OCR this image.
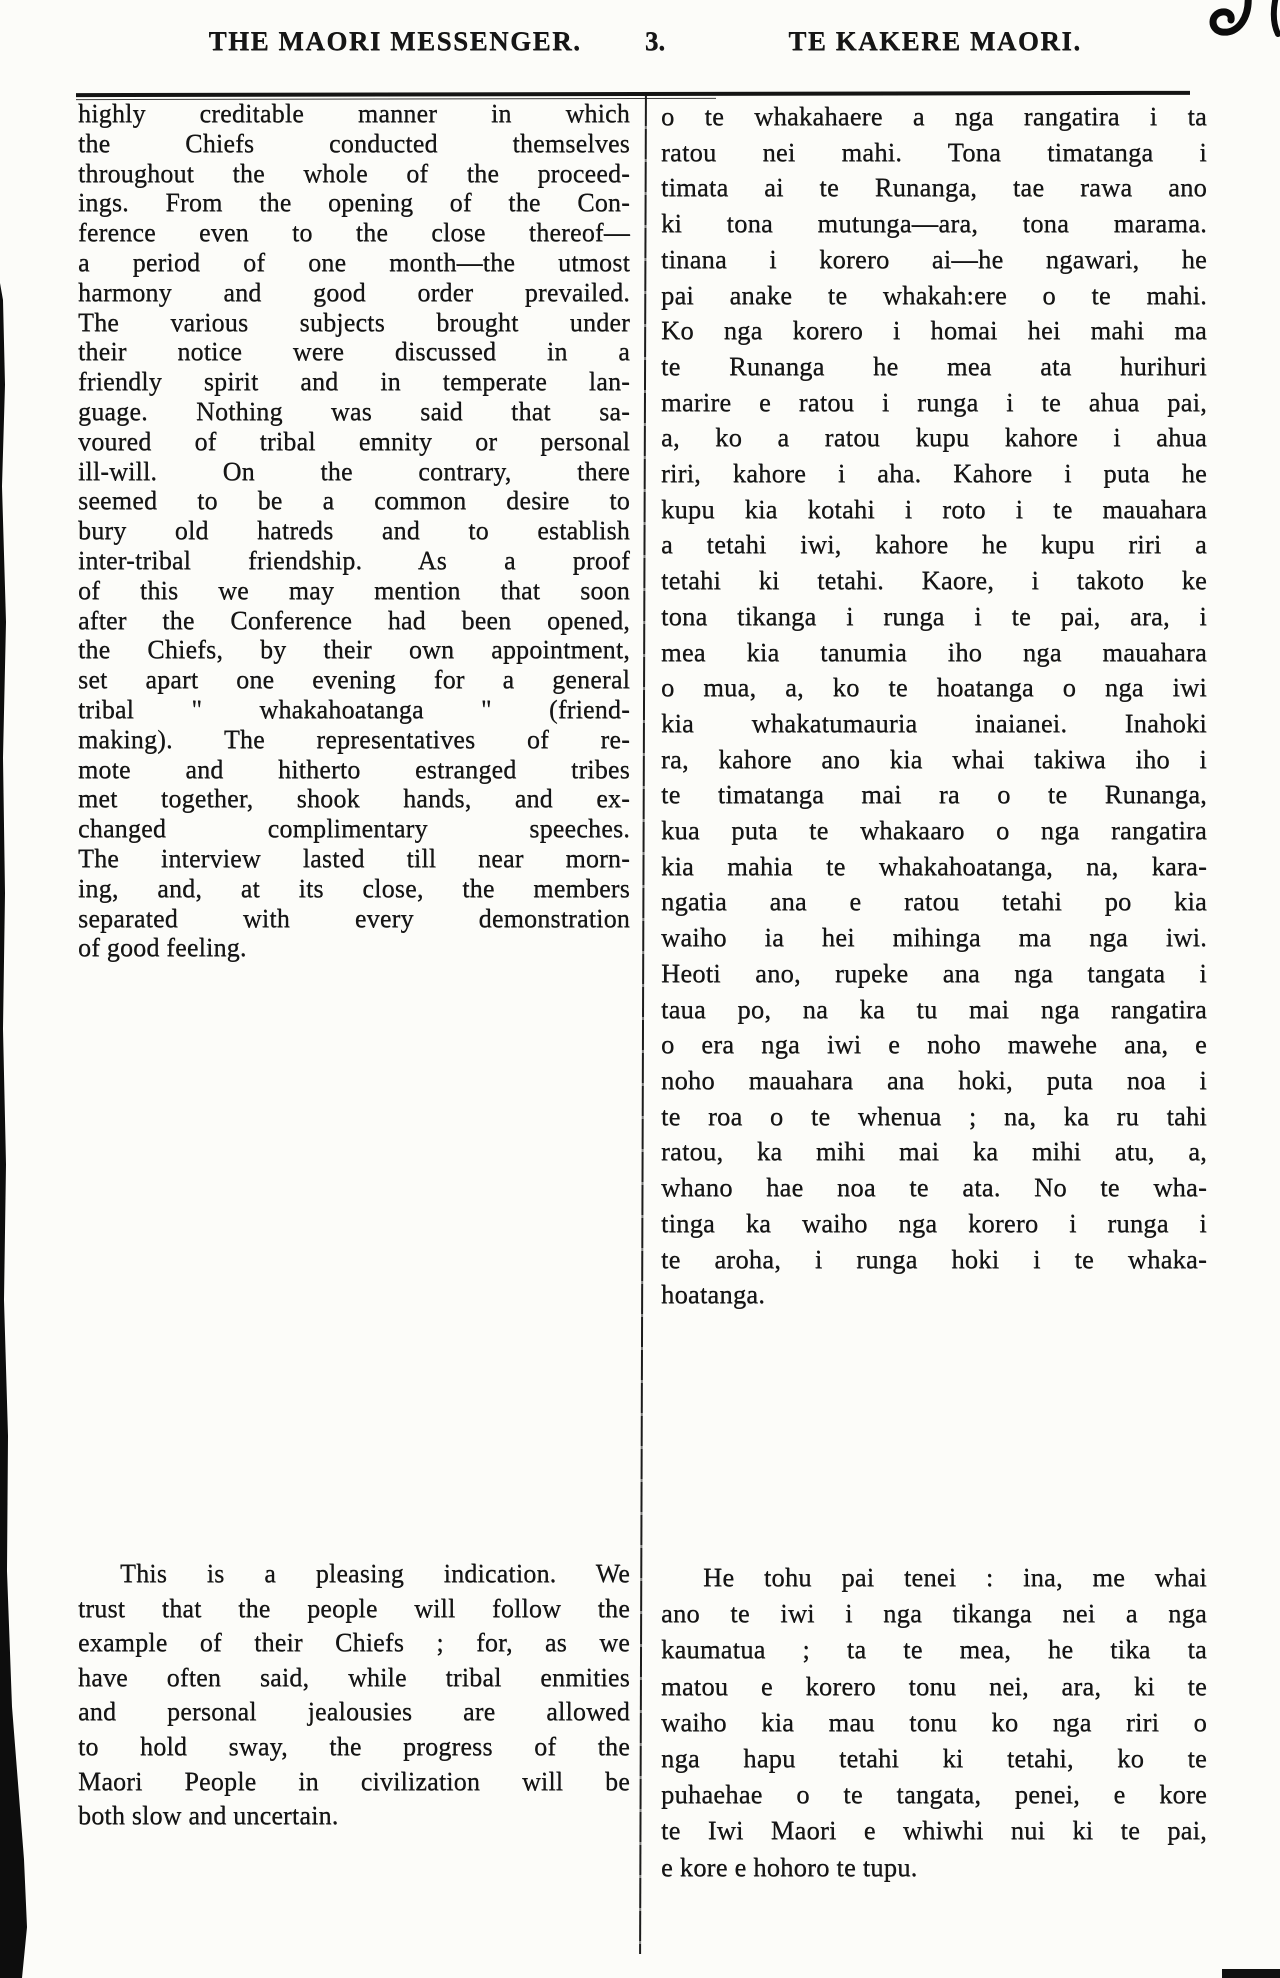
THE MAORI MESSENGER.	3.	TE KAKERE MAORI.
highly creditable manner in which
the Chiefs conducted themselves
throughout the whole of the proceed-
ings. From the opening of the Con-
ference even to the close thereof—
a period of one month—the utmost
harmony and good order prevailed.
The various subjects brought under
their notice were discussed in a
friendly spirit and in temperate lan-
guage. Nothing was said that sa-
voured of tribal emnity or personal
ill-will. On the contrary, there
seemed to be a common desire to
bury old hatreds and to establish
inter-tribal friendship. As a proof
of this we may mention that soon
after the Conference had been opened,
the Chiefs, by their own appointment,
set apart one evening for a general
tribal " whakahoatanga " (friend-
making). The representatives of re-
mote and hitherto estranged tribes
met together, shook hands, and ex-
changed complimentary speeches.
The interview lasted till near morn-
ing, and, at its close, the members
separated with every demonstration
of good feeling.
This is a pleasing indication. We
trust that the people will follow the
example of their Chiefs ; for, as we
have often said, while tribal enmities
and personal jealousies are allowed
to hold sway, the progress of the
Maori People in civilization will be
both slow and uncertain.
o te whakahaere a nga rangatira i ta
ratou nei mahi. Tona timatanga i
timata ai te Runanga, tae rawa ano
ki tona mutunga—ara, tona marama.
tinana i korero ai—he ngawari, he
pai anake te whakah:ere o te mahi.
Ko nga korero i homai hei mahi ma
te Runanga he mea ata hurihuri
marire e ratou i runga i te ahua pai,
a, ko a ratou kupu kahore i ahua
riri, kahore i aha. Kahore i puta he
kupu kia kotahi i roto i te mauahara
a tetahi iwi, kahore he kupu riri a
tetahi ki tetahi. Kaore, i takoto ke
tona tikanga i runga i te pai, ara, i
mea kia tanumia iho nga mauahara
o mua, a, ko te hoatanga o nga iwi
kia whakatumauria inaianei. Inahoki
ra, kahore ano kia whai takiwa iho i
te timatanga mai ra o te Runanga,
kua puta te whakaaro o nga rangatira
kia mahia te whakahoatanga, na, kara-
ngatia ana e ratou tetahi po kia
waiho ia hei mihinga ma nga iwi.
Heoti ano, rupeke ana nga tangata i
taua po, na ka tu mai nga rangatira
o era nga iwi e noho mawehe ana, e
noho mauahara ana hoki, puta noa i
te roa o te whenua ; na, ka ru tahi
ratou, ka mihi mai ka mihi atu, a,
whano hae noa te ata. No te wha-
tinga ka waiho nga korero i runga i
te aroha, i runga hoki i te whaka-
hoatanga.
He tohu pai tenei : ina, me whai
ano te iwi i nga tikanga nei a nga
kaumatua ; ta te mea, he tika ta
matou e korero tonu nei, ara, ki te
waiho kia mau tonu ko nga riri o
nga hapu tetahi ki tetahi, ko te
puhaehae o te tangata, penei, e kore
te Iwi Maori e whiwhi nui ki te pai,
e kore e hohoro te tupu.
